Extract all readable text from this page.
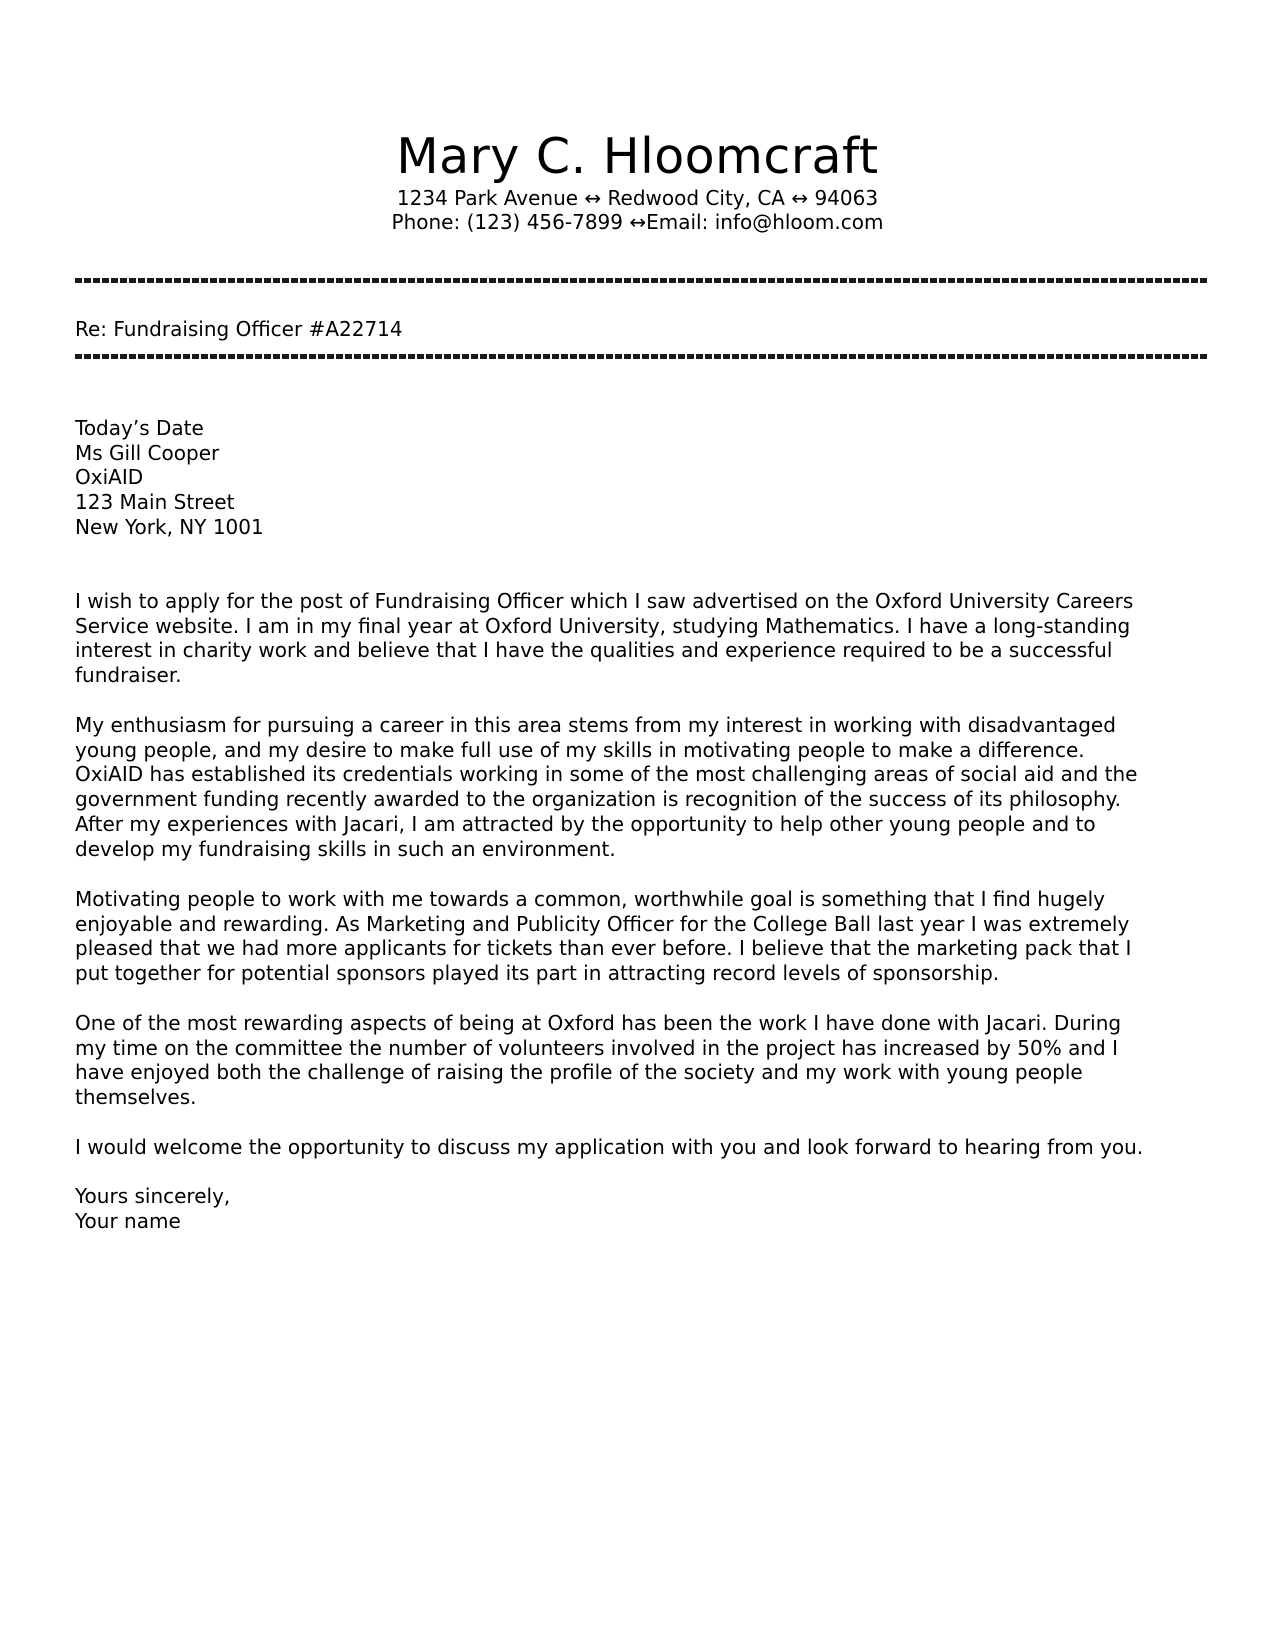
Mary C. Hloomcraft
1234 Park Avenue ↔ Redwood City, CA ↔ 94063
Phone: (123) 456-7899 ↔Email: info@hloom.com
Re: Fundraising Officer #A22714
Today’s Date
Ms Gill Cooper
OxiAID
123 Main Street
New York, NY 1001
I wish to apply for the post of Fundraising Officer which I saw advertised on the Oxford University Careers
Service website. I am in my final year at Oxford University, studying Mathematics. I have a long-standing
interest in charity work and believe that I have the qualities and experience required to be a successful
fundraiser.
My enthusiasm for pursuing a career in this area stems from my interest in working with disadvantaged
young people, and my desire to make full use of my skills in motivating people to make a difference.
OxiAID has established its credentials working in some of the most challenging areas of social aid and the
government funding recently awarded to the organization is recognition of the success of its philosophy.
After my experiences with Jacari, I am attracted by the opportunity to help other young people and to
develop my fundraising skills in such an environment.
Motivating people to work with me towards a common, worthwhile goal is something that I find hugely
enjoyable and rewarding. As Marketing and Publicity Officer for the College Ball last year I was extremely
pleased that we had more applicants for tickets than ever before. I believe that the marketing pack that I
put together for potential sponsors played its part in attracting record levels of sponsorship.
One of the most rewarding aspects of being at Oxford has been the work I have done with Jacari. During
my time on the committee the number of volunteers involved in the project has increased by 50% and I
have enjoyed both the challenge of raising the profile of the society and my work with young people
themselves.
I would welcome the opportunity to discuss my application with you and look forward to hearing from you.
Yours sincerely,
Your name
